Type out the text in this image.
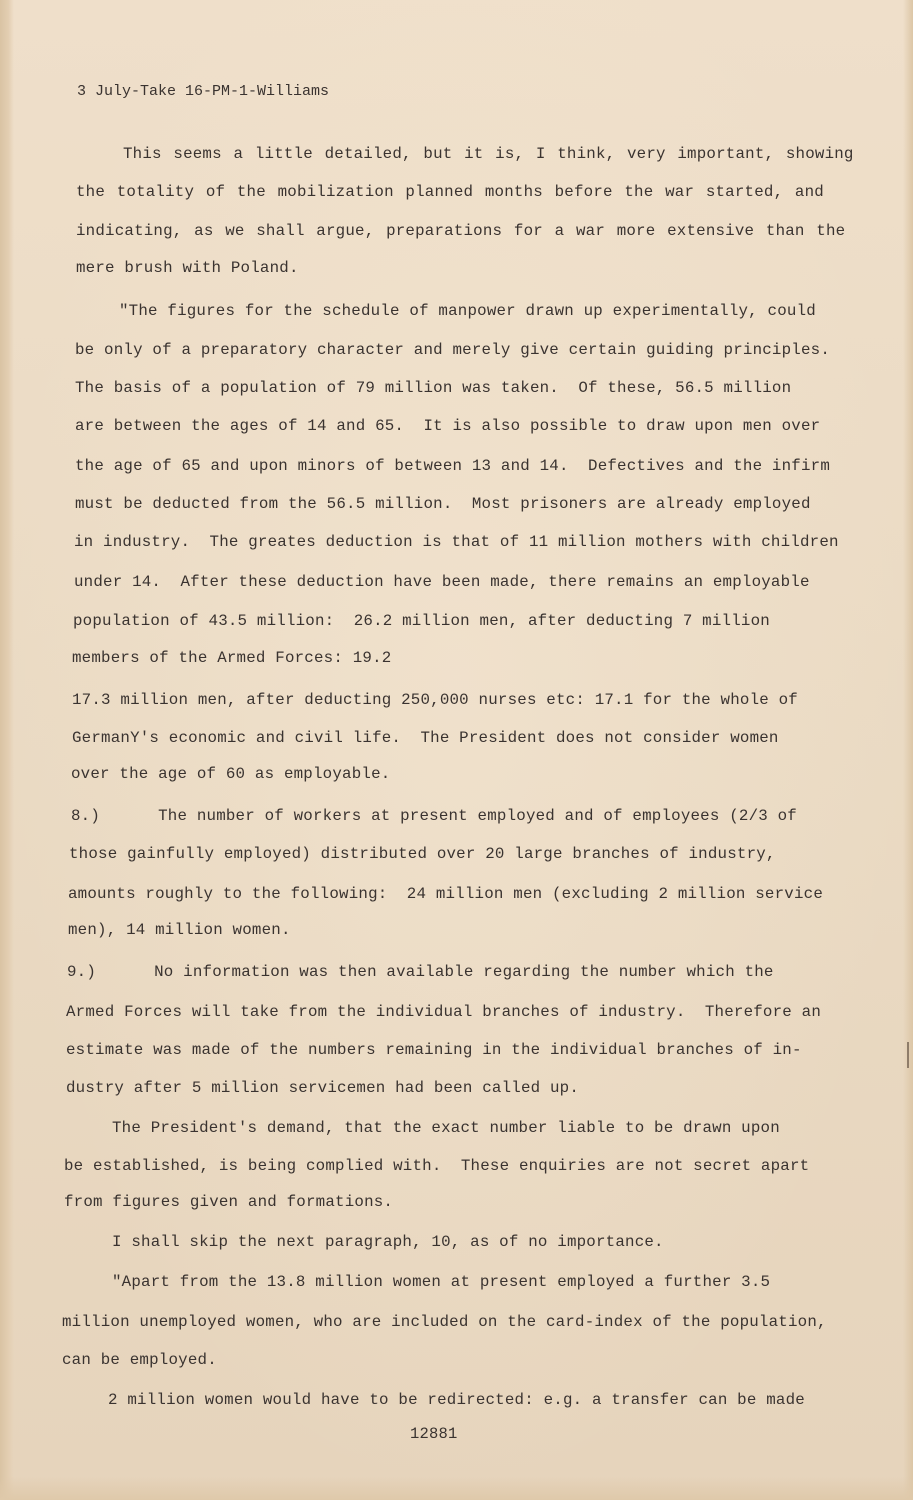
3 July-Take 16-PM-1-Williams
This seems a little detailed, but it is, I think, very important, showing
the totality of the mobilization planned months before the war started, and
indicating, as we shall argue, preparations for a war more extensive than the
mere brush with Poland.
"The figures for the schedule of manpower drawn up experimentally, could
be only of a preparatory character and merely give certain guiding principles.
The basis of a population of 79 million was taken.  Of these, 56.5 million
are between the ages of 14 and 65.  It is also possible to draw upon men over
the age of 65 and upon minors of between 13 and 14.  Defectives and the infirm
must be deducted from the 56.5 million.  Most prisoners are already employed
in industry.  The greates deduction is that of 11 million mothers with children
under 14.  After these deduction have been made, there remains an employable
population of 43.5 million:  26.2 million men, after deducting 7 million
members of the Armed Forces: 19.2
17.3 million men, after deducting 250,000 nurses etc: 17.1 for the whole of
GermanY's economic and civil life.  The President does not consider women
over the age of 60 as employable.
8.)      The number of workers at present employed and of employees (2/3 of
those gainfully employed) distributed over 20 large branches of industry,
amounts roughly to the following:  24 million men (excluding 2 million service
men), 14 million women.
9.)      No information was then available regarding the number which the
Armed Forces will take from the individual branches of industry.  Therefore an
estimate was made of the numbers remaining in the individual branches of in-
dustry after 5 million servicemen had been called up.
The President's demand, that the exact number liable to be drawn upon
be established, is being complied with.  These enquiries are not secret apart
from figures given and formations.
I shall skip the next paragraph, 10, as of no importance.
"Apart from the 13.8 million women at present employed a further 3.5
million unemployed women, who are included on the card-index of the population,
can be employed.
2 million women would have to be redirected: e.g. a transfer can be made
12881
